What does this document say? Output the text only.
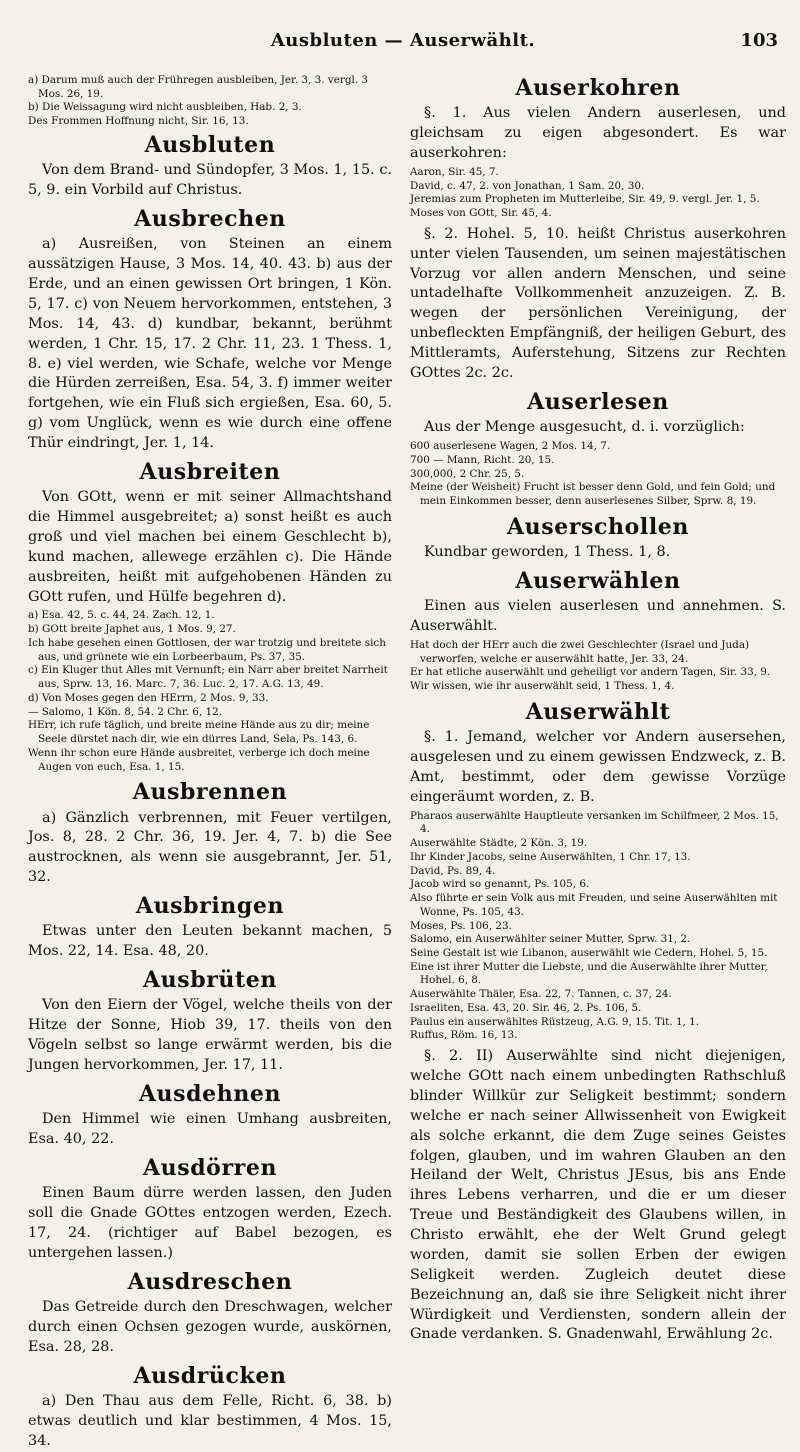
Ausbluten — Auserwählt.	103

a) Darum muß auch der Frühregen ausbleiben, Jer. 3, 3. vergl. 3 Mos. 26, 19.

b) Die Weissagung wird nicht ausbleiben, Hab. 2, 3.

Des Frommen Hoffnung nicht, Sir. 16, 13.

Ausbluten

Von dem Brand- und Sündopfer, 3 Mos. 1, 15. c. 5, 9. ein Vorbild auf Christus.

Ausbrechen

a) Ausreißen, von Steinen an einem aussätzigen Hause, 3 Mos. 14, 40. 43. b) aus der Erde, und an einen gewissen Ort bringen, 1 Kön. 5, 17. c) von Neuem hervorkommen, entstehen, 3 Mos. 14, 43. d) kundbar, bekannt, berühmt werden, 1 Chr. 15, 17. 2 Chr. 11, 23. 1 Thess. 1, 8. e) viel werden, wie Schafe, welche vor Menge die Hürden zerreißen, Esa. 54, 3. f) immer weiter fortgehen, wie ein Fluß sich ergießen, Esa. 60, 5. g) vom Unglück, wenn es wie durch eine offene Thür eindringt, Jer. 1, 14.

Ausbreiten

Von GOtt, wenn er mit seiner Allmachtshand die Himmel ausgebreitet; a) sonst heißt es auch groß und viel machen bei einem Geschlecht b), kund machen, allewege erzählen c). Die Hände ausbreiten, heißt mit aufgehobenen Händen zu GOtt rufen, und Hülfe begehren d).

a) Esa. 42, 5. c. 44, 24. Zach. 12, 1.

b) GOtt breite Japhet aus, 1 Mos. 9, 27.

Ich habe gesehen einen Gottlosen, der war trotzig und breitete sich aus, und grünete wie ein Lorbeerbaum, Ps. 37, 35.

c) Ein Kluger thut Alles mit Vernunft; ein Narr aber breitet Narrheit aus, Sprw. 13, 16. Marc. 7, 36. Luc. 2, 17. A.G. 13, 49.

d) Von Moses gegen den HErrn, 2 Mos. 9, 33.

— Salomo, 1 Kön. 8, 54. 2 Chr. 6, 12.

HErr, ich rufe täglich, und breite meine Hände aus zu dir; meine Seele dürstet nach dir, wie ein dürres Land, Sela, Ps. 143, 6.

Wenn ihr schon eure Hände ausbreitet, verberge ich doch meine Augen von euch, Esa. 1, 15.

Ausbrennen

a) Gänzlich verbrennen, mit Feuer vertilgen, Jos. 8, 28. 2 Chr. 36, 19. Jer. 4, 7. b) die See austrocknen, als wenn sie ausgebrannt, Jer. 51, 32.

Ausbringen

Etwas unter den Leuten bekannt machen, 5 Mos. 22, 14. Esa. 48, 20.

Ausbrüten

Von den Eiern der Vögel, welche theils von der Hitze der Sonne, Hiob 39, 17. theils von den Vögeln selbst so lange erwärmt werden, bis die Jungen hervorkommen, Jer. 17, 11.

Ausdehnen

Den Himmel wie einen Umhang ausbreiten, Esa. 40, 22.

Ausdörren

Einen Baum dürre werden lassen, den Juden soll die Gnade GOttes entzogen werden, Ezech. 17, 24. (richtiger auf Babel bezogen, es untergehen lassen.)

Ausdreschen

Das Getreide durch den Dreschwagen, welcher durch einen Ochsen gezogen wurde, auskörnen, Esa. 28, 28.

Ausdrücken

a) Den Thau aus dem Felle, Richt. 6, 38. b) etwas deutlich und klar bestimmen, 4 Mos. 15, 34.

Auserkohren

§. 1. Aus vielen Andern auserlesen, und gleichsam zu eigen abgesondert. Es war auserkohren:

Aaron, Sir. 45, 7.

David, c. 47, 2. von Jonathan, 1 Sam. 20, 30.

Jeremias zum Propheten im Mutterleibe, Sir. 49, 9. vergl. Jer. 1, 5.

Moses von GOtt, Sir. 45, 4.

§. 2. Hohel. 5, 10. heißt Christus auserkohren unter vielen Tausenden, um seinen majestätischen Vorzug vor allen andern Menschen, und seine untadelhafte Vollkommenheit anzuzeigen. Z. B. wegen der persönlichen Vereinigung, der unbefleckten Empfängniß, der heiligen Geburt, des Mittleramts, Auferstehung, Sitzens zur Rechten GOttes 2c. 2c.

Auserlesen

Aus der Menge ausgesucht, d. i. vorzüglich:

600 auserlesene Wagen, 2 Mos. 14, 7.

700 — Mann, Richt. 20, 15.

300,000, 2 Chr. 25, 5.

Meine (der Weisheit) Frucht ist besser denn Gold, und fein Gold; und mein Einkommen besser, denn auserlesenes Silber, Sprw. 8, 19.

Auserschollen

Kundbar geworden, 1 Thess. 1, 8.

Auserwählen

Einen aus vielen auserlesen und annehmen. S. Auserwählt.

Hat doch der HErr auch die zwei Geschlechter (Israel und Juda) verworfen, welche er auserwählt hatte, Jer. 33, 24.

Er hat etliche auserwählt und geheiligt vor andern Tagen, Sir. 33, 9.

Wir wissen, wie ihr auserwählt seid, 1 Thess. 1, 4.

Auserwählt

§. 1. Jemand, welcher vor Andern ausersehen, ausgelesen und zu einem gewissen Endzweck, z. B. Amt, bestimmt, oder dem gewisse Vorzüge eingeräumt worden, z. B.

Pharaos auserwählte Hauptleute versanken im Schilfmeer, 2 Mos. 15, 4.

Auserwählte Städte, 2 Kön. 3, 19.

Ihr Kinder Jacobs, seine Auserwählten, 1 Chr. 17, 13.

David, Ps. 89, 4.

Jacob wird so genannt, Ps. 105, 6.

Also führte er sein Volk aus mit Freuden, und seine Auserwählten mit Wonne, Ps. 105, 43.

Moses, Ps. 106, 23.

Salomo, ein Auserwählter seiner Mutter, Sprw. 31, 2.

Seine Gestalt ist wie Libanon, auserwählt wie Cedern, Hohel. 5, 15.

Eine ist ihrer Mutter die Liebste, und die Auserwählte ihrer Mutter, Hohel. 6, 8.

Auserwählte Thäler, Esa. 22, 7. Tannen, c. 37, 24.

Israeliten, Esa. 43, 20. Sir. 46, 2. Ps. 106, 5.

Paulus ein auserwähltes Rüstzeug, A.G. 9, 15. Tit. 1, 1.

Ruffus, Röm. 16, 13.

§. 2. II) Auserwählte sind nicht diejenigen, welche GOtt nach einem unbedingten Rathschluß blinder Willkür zur Seligkeit bestimmt; sondern welche er nach seiner Allwissenheit von Ewigkeit als solche erkannt, die dem Zuge seines Geistes folgen, glauben, und im wahren Glauben an den Heiland der Welt, Christus JEsus, bis ans Ende ihres Lebens verharren, und die er um dieser Treue und Beständigkeit des Glaubens willen, in Christo erwählt, ehe der Welt Grund gelegt worden, damit sie sollen Erben der ewigen Seligkeit werden. Zugleich deutet diese Bezeichnung an, daß sie ihre Seligkeit nicht ihrer Würdigkeit und Verdiensten, sondern allein der Gnade verdanken. S. Gnadenwahl, Erwählung 2c.
